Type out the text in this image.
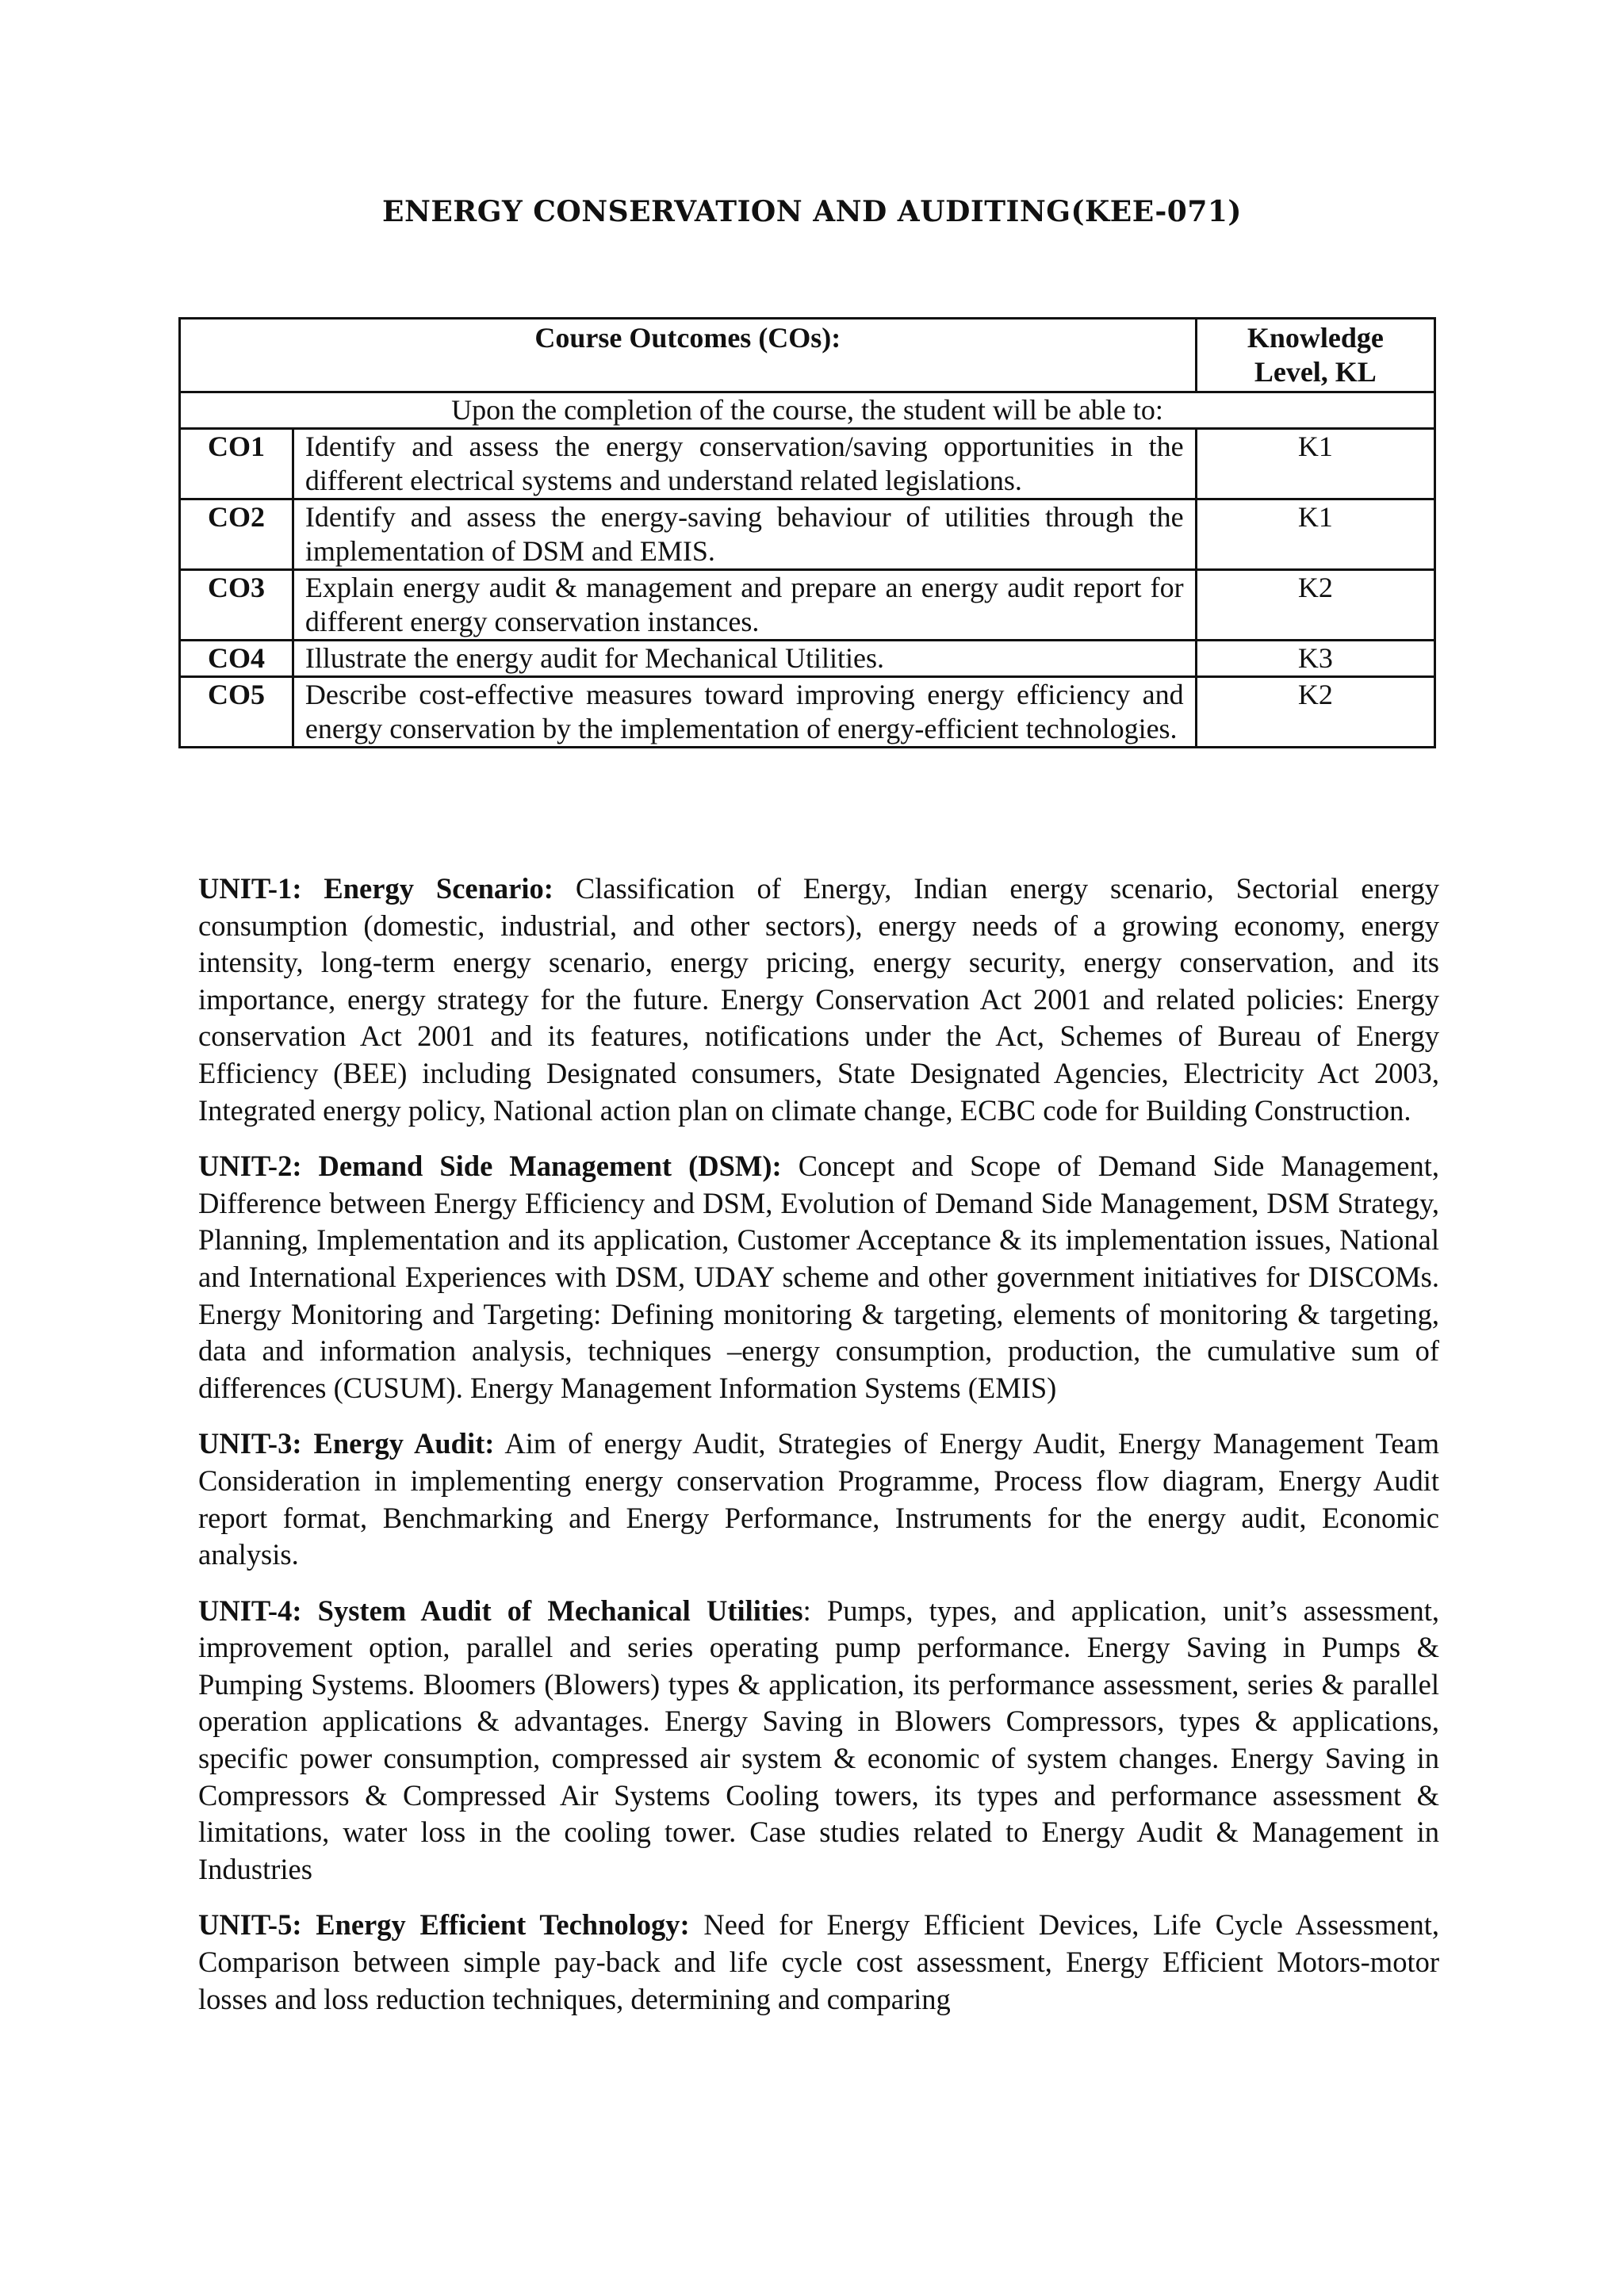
ENERGY CONSERVATION AND AUDITING(KEE-071)
Course Outcomes (COs):		Knowledge Level, KL
Upon the completion of the course, the student will be able to:		
CO1	Identify and assess the energy conservation/saving opportunities in the different electrical systems and understand related legislations.	K1
CO2	Identify and assess the energy-saving behaviour of utilities through the implementation of DSM and EMIS.	K1
CO3	Explain energy audit & management and prepare an energy audit report for different energy conservation instances.	K2
CO4	Illustrate the energy audit for Mechanical Utilities.	K3
CO5	Describe cost-effective measures toward improving energy efficiency and energy conservation by the implementation of energy-efficient technologies.	K2

UNIT-1: Energy Scenario: Classification of Energy, Indian energy scenario, Sectorial energy consumption (domestic, industrial, and other sectors), energy needs of a growing economy, energy intensity, long-term energy scenario, energy pricing, energy security, energy conservation, and its importance, energy strategy for the future. Energy Conservation Act 2001 and related policies: Energy conservation Act 2001 and its features, notifications under the Act, Schemes of Bureau of Energy Efficiency (BEE) including Designated consumers, State Designated Agencies, Electricity Act 2003, Integrated energy policy, National action plan on climate change, ECBC code for Building Construction.

UNIT-2: Demand Side Management (DSM): Concept and Scope of Demand Side Management, Difference between Energy Efficiency and DSM, Evolution of Demand Side Management, DSM Strategy, Planning, Implementation and its application, Customer Acceptance & its implementation issues, National and International Experiences with DSM, UDAY scheme and other government initiatives for DISCOMs. Energy Monitoring and Targeting: Defining monitoring & targeting, elements of monitoring & targeting, data and information analysis, techniques –energy consumption, production, the cumulative sum of differences (CUSUM). Energy Management Information Systems (EMIS)

UNIT-3: Energy Audit: Aim of energy Audit, Strategies of Energy Audit, Energy Management Team Consideration in implementing energy conservation Programme, Process flow diagram, Energy Audit report format, Benchmarking and Energy Performance, Instruments for the energy audit, Economic analysis.

UNIT-4: System Audit of Mechanical Utilities: Pumps, types, and application, unit’s assessment, improvement option, parallel and series operating pump performance. Energy Saving in Pumps & Pumping Systems. Bloomers (Blowers) types & application, its performance assessment, series & parallel operation applications & advantages. Energy Saving in Blowers Compressors, types & applications, specific power consumption, compressed air system & economic of system changes. Energy Saving in Compressors & Compressed Air Systems Cooling towers, its types and performance assessment & limitations, water loss in the cooling tower. Case studies related to Energy Audit & Management in Industries

UNIT-5: Energy Efficient Technology: Need for Energy Efficient Devices, Life Cycle Assessment, Comparison between simple pay-back and life cycle cost assessment, Energy Efficient Motors-motor losses and loss reduction techniques, determining and comparing
